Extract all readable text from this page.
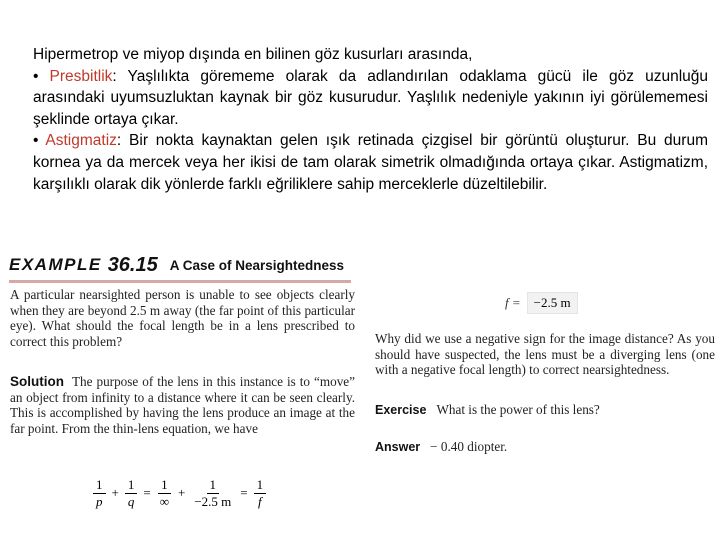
Hipermetrop ve miyop dışında en bilinen göz kusurları arasında,

• Presbitlik: Yaşlılıkta görememe olarak da adlandırılan odaklama gücü ile göz uzunluğu arasındaki uyumsuzluktan kaynak bir göz kusurudur. Yaşlılık nedeniyle yakının iyi görülememesi şeklinde ortaya çıkar.

• Astigmatiz: Bir nokta kaynaktan gelen ışık retinada çizgisel bir görüntü oluşturur. Bu durum kornea ya da mercek veya her ikisi de tam olarak simetrik olmadığında ortaya çıkar. Astigmatizm, karşılıklı olarak dik yönlerde farklı eğriliklere sahip merceklerle düzeltilebilir.

EXAMPLE 36.15 A Case of Nearsightedness
A particular nearsighted person is unable to see objects clearly when they are beyond 2.5 m away (the far point of this particular eye). What should the focal length be in a lens prescribed to correct this problem?
Solution The purpose of the lens in this instance is to “move” an object from infinity to a distance where it can be seen clearly. This is accomplished by having the lens produce an image at the far point. From the thin-lens equation, we have
$\frac{1}{p} + \frac{1}{q} = \frac{1}{\infty} + \frac{1}{-2.5 m} = \frac{1}{f}$
f =	−2.5 m
Why did we use a negative sign for the image distance? As you should have suspected, the lens must be a diverging lens (one with a negative focal length) to correct nearsightedness.
Exercise What is the power of this lens?
Answer − 0.40 diopter.
